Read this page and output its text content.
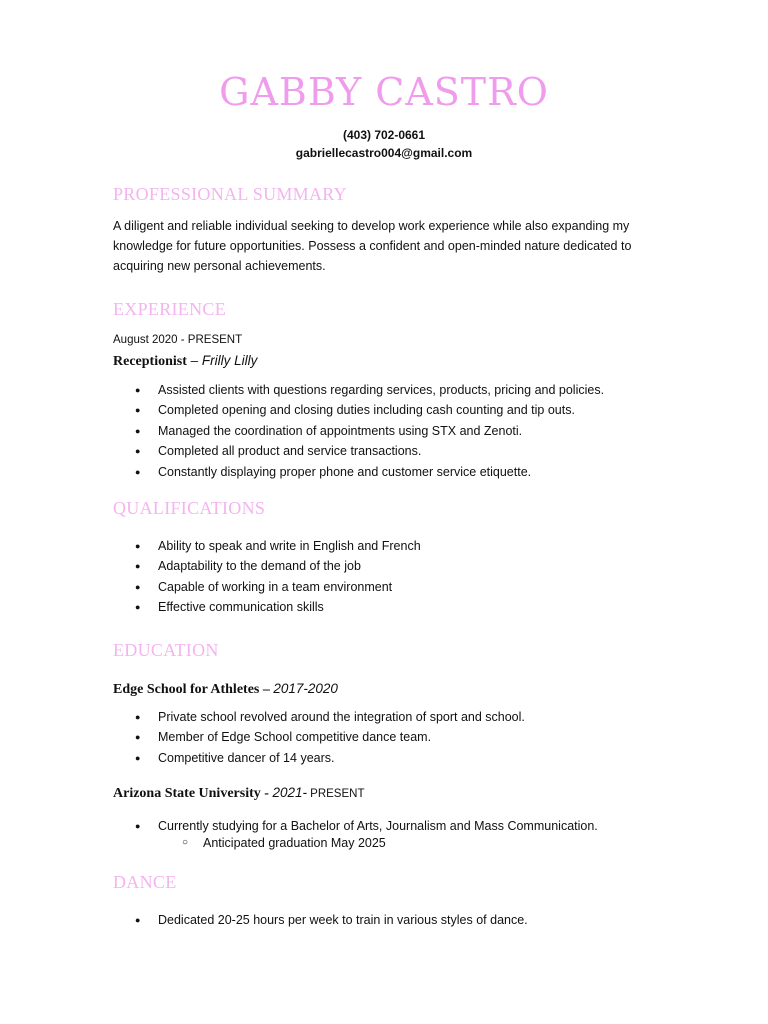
GABBY CASTRO
(403) 702-0661
gabriellecastro004@gmail.com
PROFESSIONAL SUMMARY
A diligent and reliable individual seeking to develop work experience while also expanding my
knowledge for future opportunities. Possess a confident and open-minded nature dedicated to
acquiring new personal achievements.
EXPERIENCE
August 2020 - PRESENT
Receptionist – Frilly Lilly
● Assisted clients with questions regarding services, products, pricing and policies.
● Completed opening and closing duties including cash counting and tip outs.
● Managed the coordination of appointments using STX and Zenoti.
● Completed all product and service transactions.
● Constantly displaying proper phone and customer service etiquette.
QUALIFICATIONS
● Ability to speak and write in English and French
● Adaptability to the demand of the job
● Capable of working in a team environment
● Effective communication skills
EDUCATION
Edge School for Athletes – 2017-2020
● Private school revolved around the integration of sport and school.
● Member of Edge School competitive dance team.
● Competitive dancer of 14 years.
Arizona State University - 2021- PRESENT
● Currently studying for a Bachelor of Arts, Journalism and Mass Communication.
○ Anticipated graduation May 2025
DANCE
● Dedicated 20-25 hours per week to train in various styles of dance.
